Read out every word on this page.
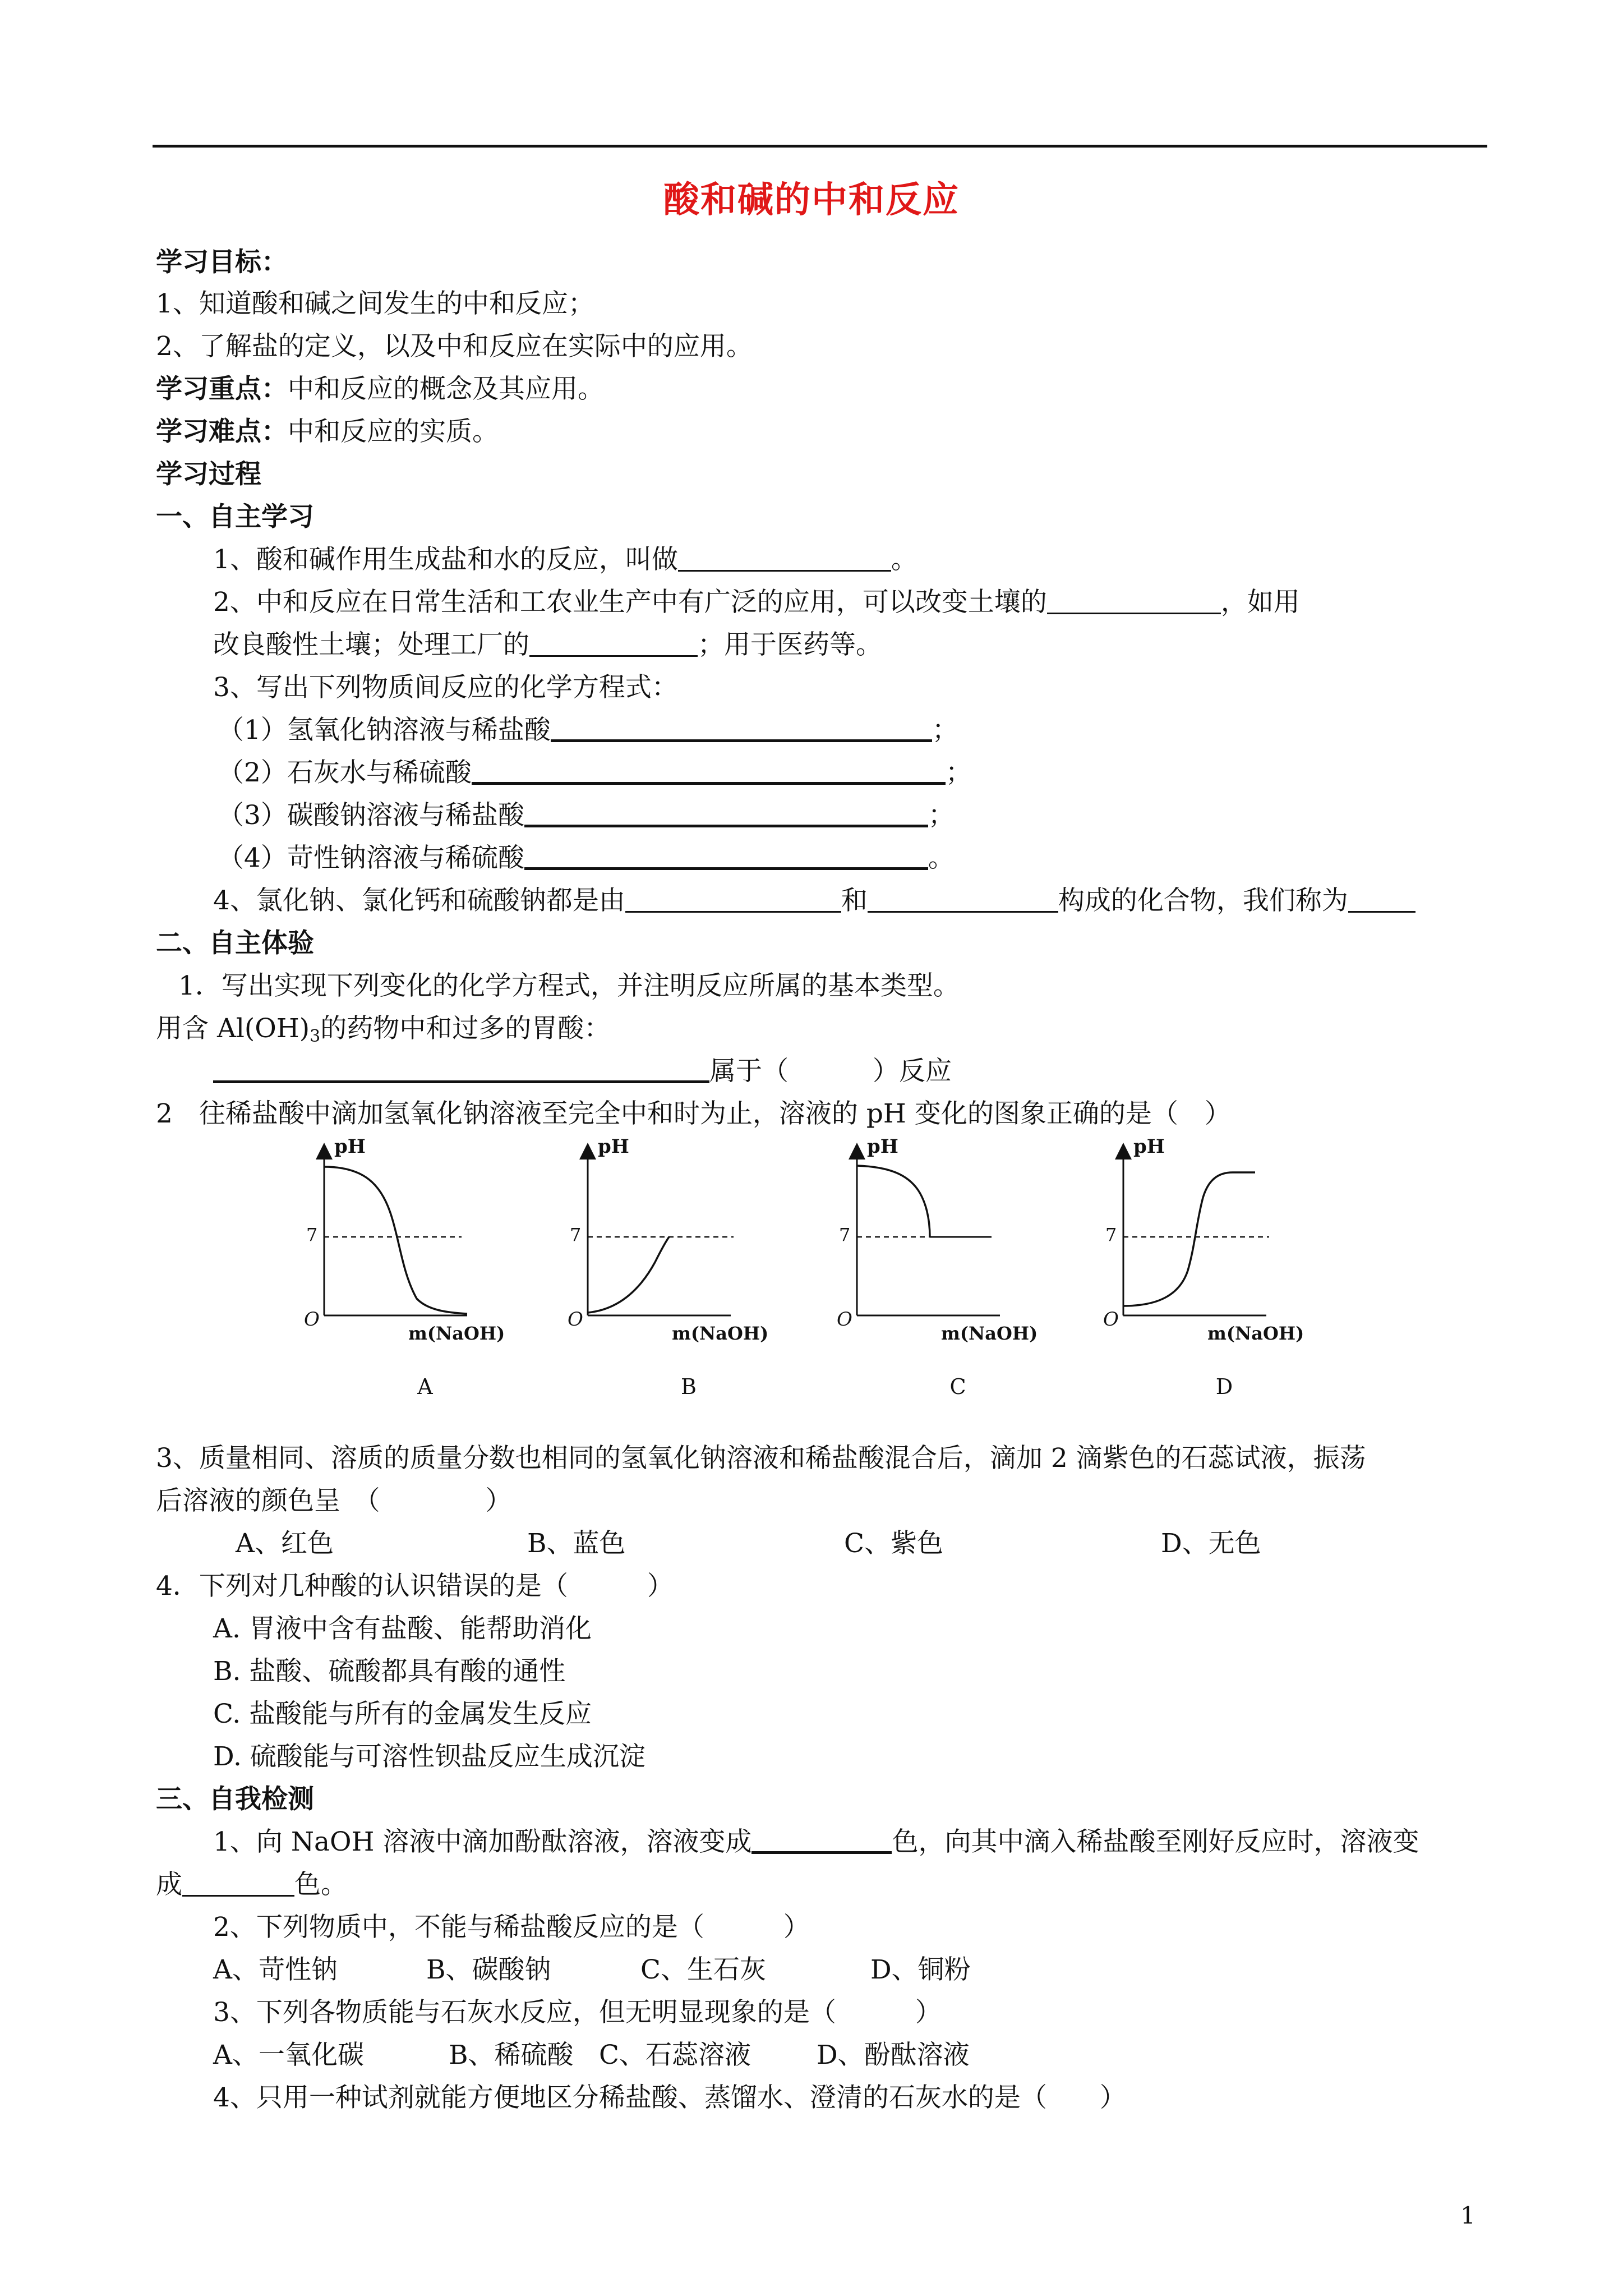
酸和碱的中和反应
学习目标：
1、知道酸和碱之间发生的中和反应；
2、了解盐的定义，以及中和反应在实际中的应用。
学习重点：中和反应的概念及其应用。
学习难点：中和反应的实质。
学习过程
一、自主学习
1、酸和碱作用生成盐和水的反应，叫做	。
2、中和反应在日常生活和工农业生产中有广泛的应用，可以改变土壤的	，如用
改良酸性土壤；处理工厂的	；用于医药等。
3、写出下列物质间反应的化学方程式：
（1）氢氧化钠溶液与稀盐酸	；
（2）石灰水与稀硫酸	；
（3）碳酸钠溶液与稀盐酸	；
（4）苛性钠溶液与稀硫酸	。
4、氯化钠、氯化钙和硫酸钠都是由	和	构成的化合物，我们称为
二、自主体验
1．写出实现下列变化的化学方程式，并注明反应所属的基本类型。
用含 $Al(OH)_3$的药物中和过多的胃酸：
属于（	）反应
2　往稀盐酸中滴加氢氧化钠溶液至完全中和时为止，溶液的 pH 变化的图象正确的是（　）
pH
7
O
m(NaOH)
A
pH
7
O
m(NaOH)
B
pH
7
O
m(NaOH)
C
pH
7
O
m(NaOH)
D
3、质量相同、溶质的质量分数也相同的氢氧化钠溶液和稀盐酸混合后，滴加 2 滴紫色的石蕊试液，振荡
后溶液的颜色呈　（　　　　）
A、红色	B、蓝色	C、紫色	D、无色
4．下列对几种酸的认识错误的是（　　　）
A. 胃液中含有盐酸、能帮助消化
B. 盐酸、硫酸都具有酸的通性
C. 盐酸能与所有的金属发生反应
D. 硫酸能与可溶性钡盐反应生成沉淀
三、自我检测
1、向 NaOH 溶液中滴加酚酞溶液，溶液变成	色，向其中滴入稀盐酸至刚好反应时，溶液变
成	色。
2、下列物质中，不能与稀盐酸反应的是（　　　）
A、苛性钠	B、碳酸钠	C、生石灰	D、铜粉
3、下列各物质能与石灰水反应，但无明显现象的是（　　　）
A、一氧化碳	B、稀硫酸 C、石蕊溶液 D、酚酞溶液
4、只用一种试剂就能方便地区分稀盐酸、蒸馏水、澄清的石灰水的是（　　）
1
